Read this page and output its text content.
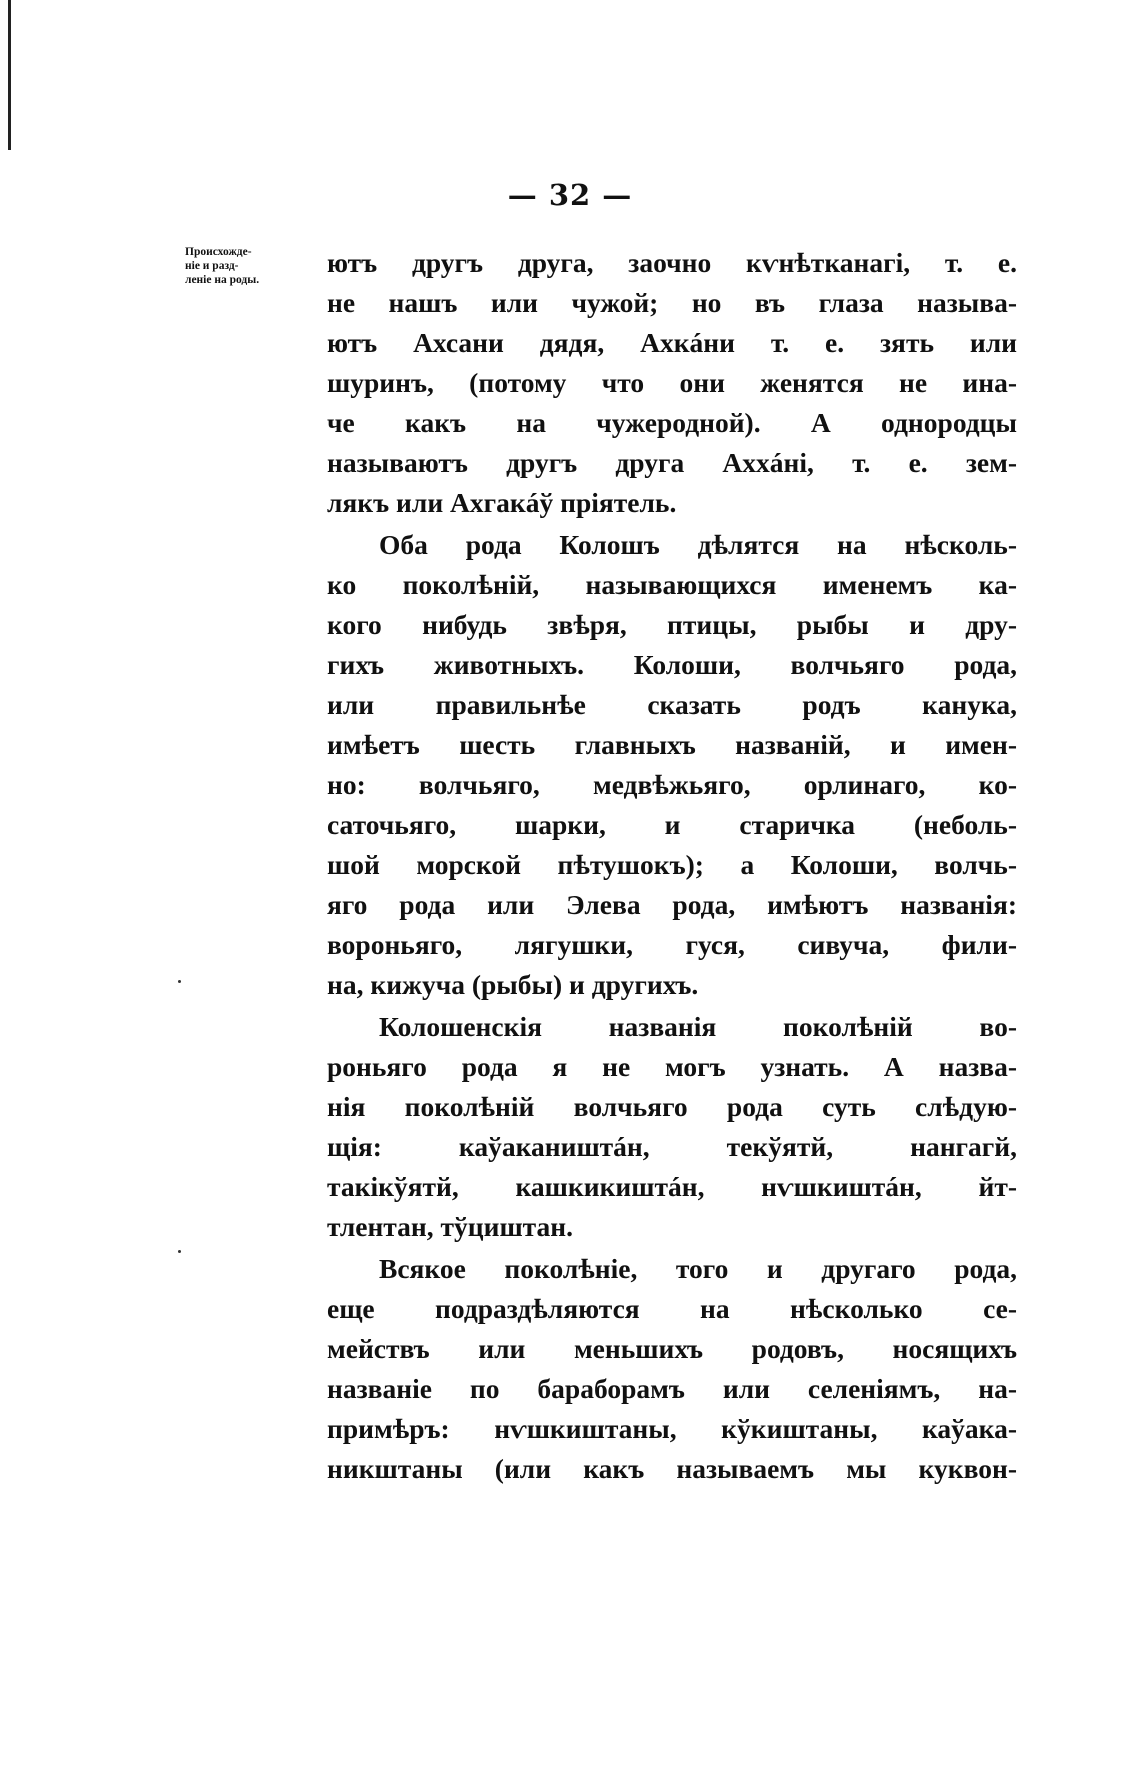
— 32 —
Происхожде-
ніе и разд-
леніе на роды.
ютъ другъ друга, заочно кѵнѣтканагі, т. е.
не нашъ или чужой; но въ глаза называ-
ютъ Ахсани дядя, Ахкáни т. е. зять или
шуринъ, (потому что они женятся не ина-
че какъ на чужеродной). А однородцы
называютъ другъ друга Аххáні, т. е. зем-
лякъ или Ахгакáў пріятель.
Оба рода Колошъ дѣлятся на нѣсколь-
ко поколѣній, называющихся именемъ ка-
кого нибудь звѣря, птицы, рыбы и дру-
гихъ животныхъ. Колоши, волчьяго рода,
или правильнѣе сказать родъ канука,
имѣетъ шесть главныхъ названій, и имен-
но: волчьяго, медвѣжьяго, орлинаго, ко-
саточьяго, шарки, и старичка (неболь-
шой морской пѣтушокъ); а Колоши, волчь-
яго рода или Элева рода, имѣютъ названія:
вороньяго, лягушки, гуся, сивуча, фили-
на, кижуча (рыбы) и другихъ.
Колошенскія названія поколѣній во-
роньяго рода я не могъ узнать. А назва-
нія поколѣній волчьяго рода суть слѣдую-
щія: каўакаништáн, текўятй, нангагй,
такікўятй, кашкикиштáн, нѵшкиштáн, йт-
тлентан, тўциштан.
Всякое поколѣніе, того и другаго рода,
еще подраздѣляются на нѣсколько се-
мействъ или меньшихъ родовъ, носящихъ
названіе по бараборамъ или селеніямъ, на-
примѣръ: нѵшкиштаны, кўкиштаны, каўака-
никштаны (или какъ называемъ мы куквон-
